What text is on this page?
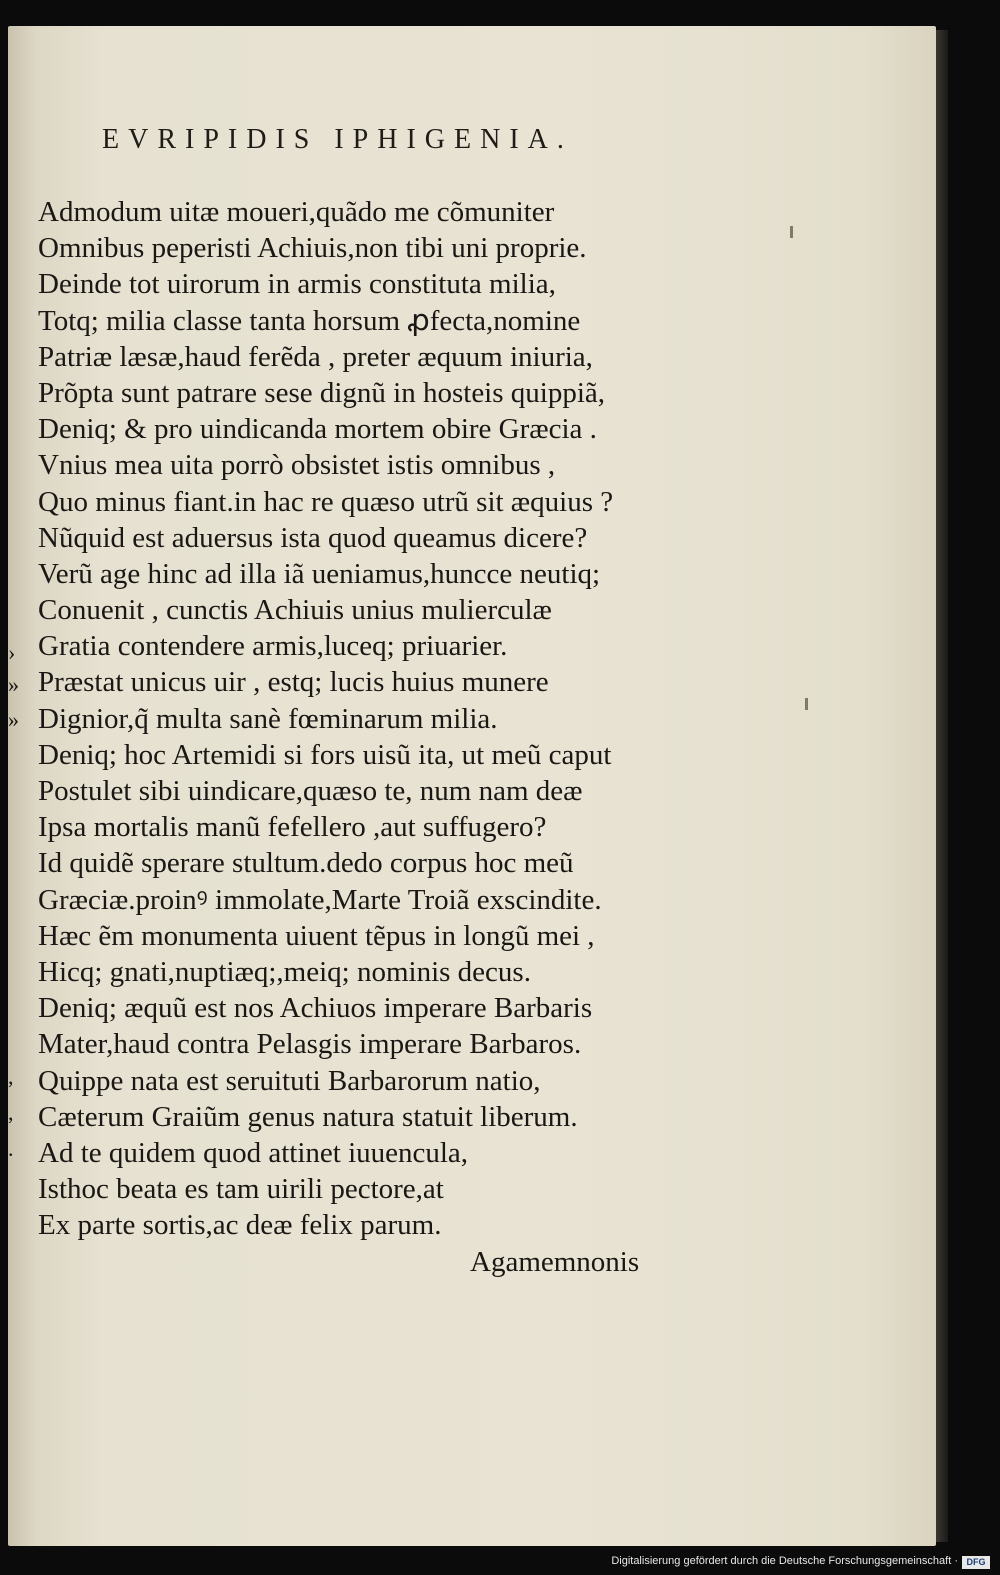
EVRIPIDIS IPHIGENIA.
Admodum uitæ moueri,quãdo me cõmuniter
Omnibus peperisti Achiuis,non tibi uni proprie.
Deinde tot uirorum in armis constituta milia,
Totq; milia classe tanta horsum ꝓfecta,nomine
Patriæ læsæ,haud ferẽda , preter æquum iniuria,
Prõpta sunt patrare sese dignũ in hosteis quippiã,
Deniq; & pro uindicanda mortem obire Græcia .
Vnius mea uita porrò obsistet istis omnibus ,
Quo minus fiant.in hac re quæso utrũ sit æquius ?
Nũquid est aduersus ista quod queamus dicere?
Verũ age hinc ad illa iã ueniamus,huncce neutiq;
Conuenit , cunctis Achiuis unius mulierculæ
Gratia contendere armis,luceq; priuarier.
Præstat unicus uir , estq; lucis huius munere
Dignior,q̃ multa sanè fœminarum milia.
Deniq; hoc Artemidi si fors uisũ ita, ut meũ caput
Postulet sibi uindicare,quæso te, num nam deæ
Ipsa mortalis manũ fefellero ,aut suffugero?
Id quidẽ sperare stultum.dedo corpus hoc meũ
Græciæ.proinꝰ immolate,Marte Troiã exscindite.
Hæc ẽm monumenta uiuent tẽpus in longũ mei ,
Hicq; gnati,nuptiæq;,meiq; nominis decus.
Deniq; æquũ est nos Achiuos imperare Barbaris
Mater,haud contra Pelasgis imperare Barbaros.
Quippe nata est seruituti Barbarorum natio,
Cæterum Graiũm genus natura statuit liberum.
Ad te quidem quod attinet iuuencula,
Isthoc beata es tam uirili pectore,at
Ex parte sortis,ac deæ felix parum.
Agamemnonis
›
»
»
,
,
.
Digitalisierung gefördert durch die Deutsche Forschungsgemeinschaft · DFG
